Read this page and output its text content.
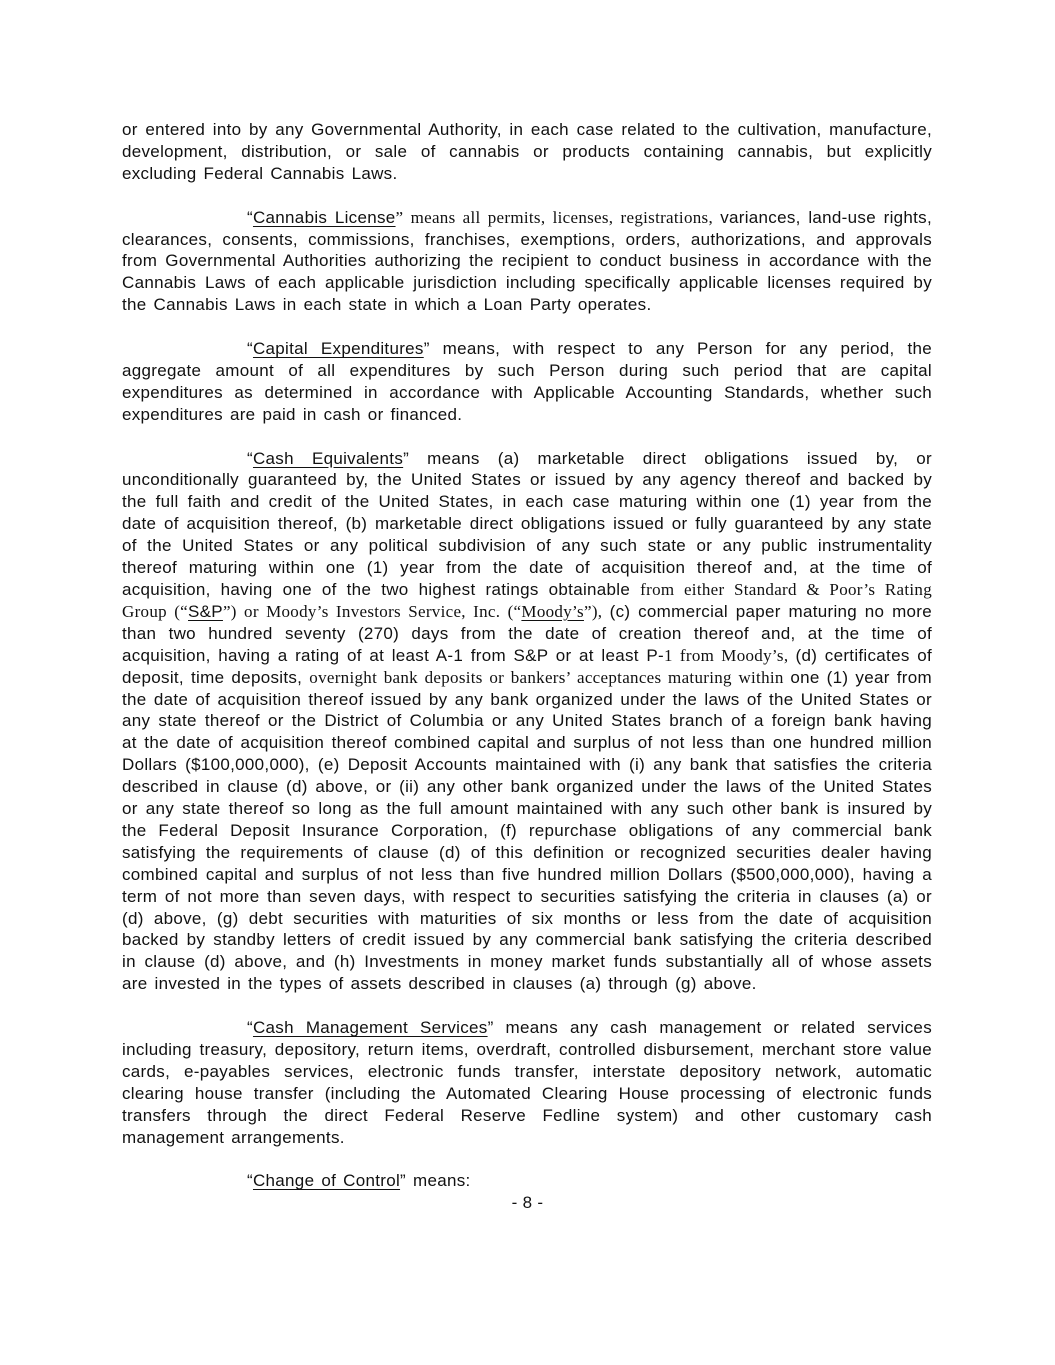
or entered into by any Governmental Authority, in each case related to the cultivation, manufacture, development, distribution, or sale of cannabis or products containing cannabis, but explicitly excluding Federal Cannabis Laws.

“Cannabis License” means all permits, licenses, registrations, variances, land-use rights, clearances, consents, commissions, franchises, exemptions, orders, authorizations, and approvals from Governmental Authorities authorizing the recipient to conduct business in accordance with the Cannabis Laws of each applicable jurisdiction including specifically applicable licenses required by the Cannabis Laws in each state in which a Loan Party operates.

“Capital Expenditures” means, with respect to any Person for any period, the aggregate amount of all expenditures by such Person during such period that are capital expenditures as determined in accordance with Applicable Accounting Standards, whether such expenditures are paid in cash or financed.

“Cash Equivalents” means (a) marketable direct obligations issued by, or unconditionally guaranteed by, the United States or issued by any agency thereof and backed by the full faith and credit of the United States, in each case maturing within one (1) year from the date of acquisition thereof, (b) marketable direct obligations issued or fully guaranteed by any state of the United States or any political subdivision of any such state or any public instrumentality thereof maturing within one (1) year from the date of acquisition thereof and, at the time of acquisition, having one of the two highest ratings obtainable from either Standard & Poor’s Rating Group (“S&P”) or Moody’s Investors Service, Inc. (“Moody’s”), (c) commercial paper maturing no more than two hundred seventy (270) days from the date of creation thereof and, at the time of acquisition, having a rating of at least A-1 from S&P or at least P-1 from Moody’s, (d) certificates of deposit, time deposits, overnight bank deposits or bankers’ acceptances maturing within one (1) year from the date of acquisition thereof issued by any bank organized under the laws of the United States or any state thereof or the District of Columbia or any United States branch of a foreign bank having at the date of acquisition thereof combined capital and surplus of not less than one hundred million Dollars ($100,000,000), (e) Deposit Accounts maintained with (i) any bank that satisfies the criteria described in clause (d) above, or (ii) any other bank organized under the laws of the United States or any state thereof so long as the full amount maintained with any such other bank is insured by the Federal Deposit Insurance Corporation, (f) repurchase obligations of any commercial bank satisfying the requirements of clause (d) of this definition or recognized securities dealer having combined capital and surplus of not less than five hundred million Dollars ($500,000,000), having a term of not more than seven days, with respect to securities satisfying the criteria in clauses (a) or (d) above, (g) debt securities with maturities of six months or less from the date of acquisition backed by standby letters of credit issued by any commercial bank satisfying the criteria described in clause (d) above, and (h) Investments in money market funds substantially all of whose assets are invested in the types of assets described in clauses (a) through (g) above.

“Cash Management Services” means any cash management or related services including treasury, depository, return items, overdraft, controlled disbursement, merchant store value cards, e-payables services, electronic funds transfer, interstate depository network, automatic clearing house transfer (including the Automated Clearing House processing of electronic funds transfers through the direct Federal Reserve Fedline system) and other customary cash management arrangements.

“Change of Control” means:

- 8 -
